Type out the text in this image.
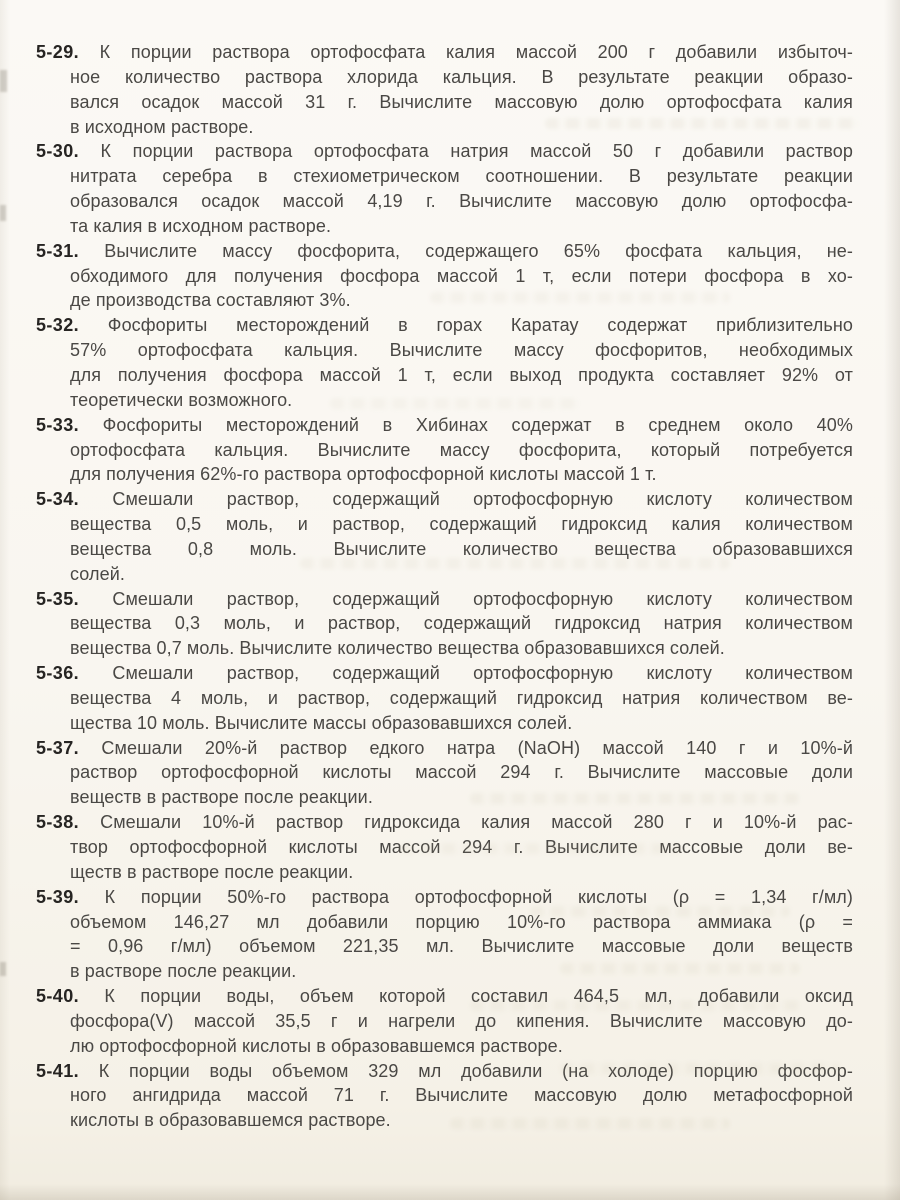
5-29. К порции раствора ортофосфата калия массой 200 г добавили избыточ-
ное количество раствора хлорида кальция. В результате реакции образо-
вался осадок массой 31 г. Вычислите массовую долю ортофосфата калия
в исходном растворе.
5-30. К порции раствора ортофосфата натрия массой 50 г добавили раствор
нитрата серебра в стехиометрическом соотношении. В результате реакции
образовался осадок массой 4,19 г. Вычислите массовую долю ортофосфа-
та калия в исходном растворе.
5-31. Вычислите массу фосфорита, содержащего 65% фосфата кальция, не-
обходимого для получения фосфора массой 1 т, если потери фосфора в хо-
де производства составляют 3%.
5-32. Фосфориты месторождений в горах Каратау содержат приблизительно
57% ортофосфата кальция. Вычислите массу фосфоритов, необходимых
для получения фосфора массой 1 т, если выход продукта составляет 92% от
теоретически возможного.
5-33. Фосфориты месторождений в Хибинах содержат в среднем около 40%
ортофосфата кальция. Вычислите массу фосфорита, который потребуется
для получения 62%-го раствора ортофосфорной кислоты массой 1 т.
5-34. Смешали раствор, содержащий ортофосфорную кислоту количеством
вещества 0,5 моль, и раствор, содержащий гидроксид калия количеством
вещества 0,8 моль. Вычислите количество вещества образовавшихся
солей.
5-35. Смешали раствор, содержащий ортофосфорную кислоту количеством
вещества 0,3 моль, и раствор, содержащий гидроксид натрия количеством
вещества 0,7 моль. Вычислите количество вещества образовавшихся солей.
5-36. Смешали раствор, содержащий ортофосфорную кислоту количеством
вещества 4 моль, и раствор, содержащий гидроксид натрия количеством ве-
щества 10 моль. Вычислите массы образовавшихся солей.
5-37. Смешали 20%-й раствор едкого натра (NaOH) массой 140 г и 10%-й
раствор ортофосфорной кислоты массой 294 г. Вычислите массовые доли
веществ в растворе после реакции.
5-38. Смешали 10%-й раствор гидроксида калия массой 280 г и 10%-й рас-
твор ортофосфорной кислоты массой 294 г. Вычислите массовые доли ве-
ществ в растворе после реакции.
5-39. К порции 50%-го раствора ортофосфорной кислоты (ρ = 1,34 г/мл)
объемом 146,27 мл добавили порцию 10%-го раствора аммиака (ρ =
= 0,96 г/мл) объемом 221,35 мл. Вычислите массовые доли веществ
в растворе после реакции.
5-40. К порции воды, объем которой составил 464,5 мл, добавили оксид
фосфора(V) массой 35,5 г и нагрели до кипения. Вычислите массовую до-
лю ортофосфорной кислоты в образовавшемся растворе.
5-41. К порции воды объемом 329 мл добавили (на холоде) порцию фосфор-
ного ангидрида массой 71 г. Вычислите массовую долю метафосфорной
кислоты в образовавшемся растворе.
